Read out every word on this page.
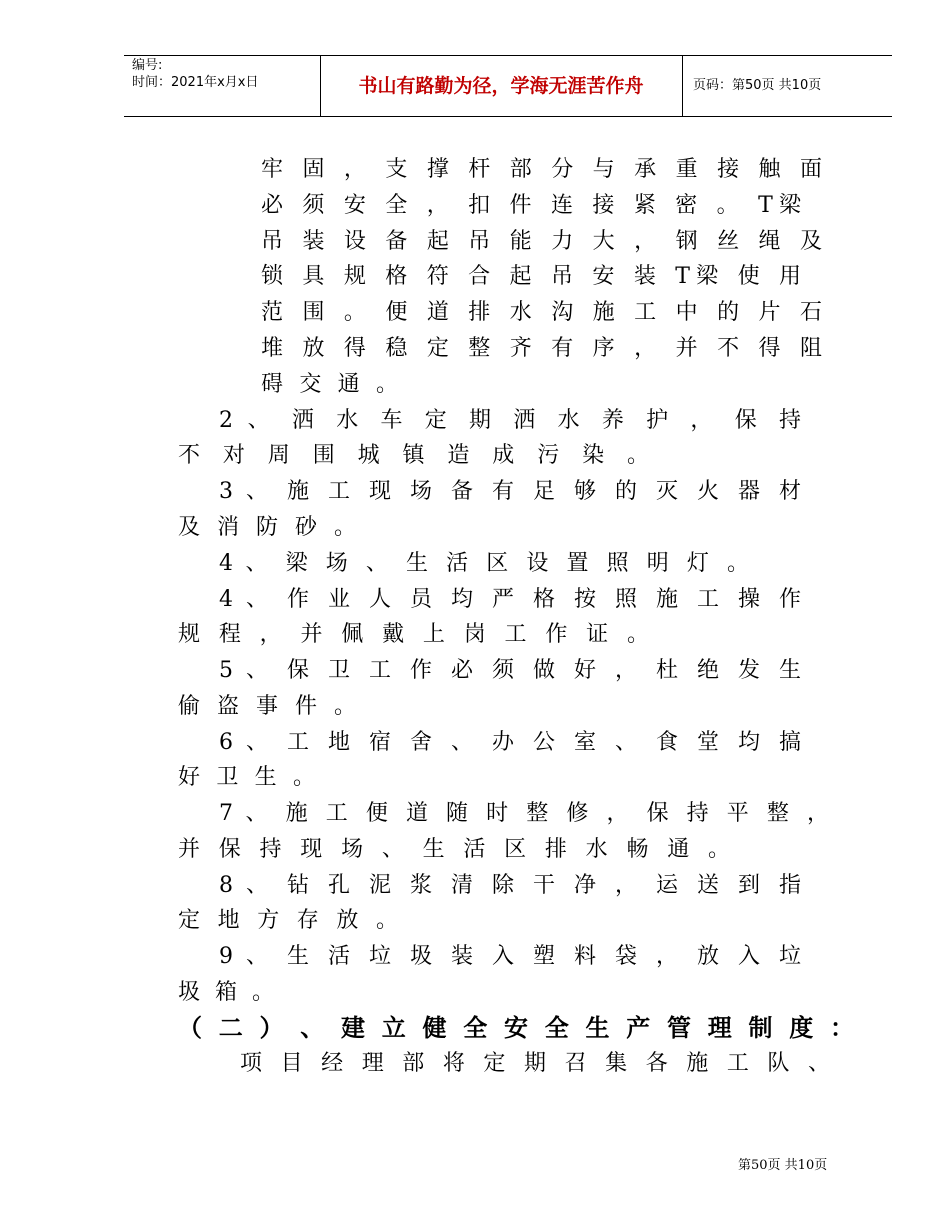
编号:
时间：2021年x月x日	书山有路勤为径，学海无涯苦作舟	页码：第50页 共10页
牢 固 ， 支 撑 杆 部 分 与 承 重 接 触 面
必 须 安 全 ， 扣 件 连 接 紧 密 。 T梁
吊 装 设 备 起 吊 能 力 大 ， 钢 丝 绳 及
锁 具 规 格 符 合 起 吊 安 装 T梁 使 用
范 围 。 便 道 排 水 沟 施 工 中 的 片 石
堆 放 得 稳 定 整 齐 有 序 ， 并 不 得 阻
碍 交 通 。
2 、 洒 水 车 定 期 洒 水 养 护 ， 保 持
不 对 周 围 城 镇 造 成 污 染 。
3 、 施 工 现 场 备 有 足 够 的 灭 火 器 材
及 消 防 砂 。
4 、 梁 场 、 生 活 区 设 置 照 明 灯 。
4 、 作 业 人 员 均 严 格 按 照 施 工 操 作
规 程 ， 并 佩 戴 上 岗 工 作 证 。
5 、 保 卫 工 作 必 须 做 好 ， 杜 绝 发 生
偷 盗 事 件 。
6 、 工 地 宿 舍 、 办 公 室 、 食 堂 均 搞
好 卫 生 。
7 、 施 工 便 道 随 时 整 修 ， 保 持 平 整 ，
并 保 持 现 场 、 生 活 区 排 水 畅 通 。
8 、 钻 孔 泥 浆 清 除 干 净 ， 运 送 到 指
定 地 方 存 放 。
9 、 生 活 垃 圾 装 入 塑 料 袋 ， 放 入 垃
圾 箱 。
（ 二 ） 、 建 立 健 全 安 全 生 产 管 理 制 度 ：
项 目 经 理 部 将 定 期 召 集 各 施 工 队 、
第50页 共10页
